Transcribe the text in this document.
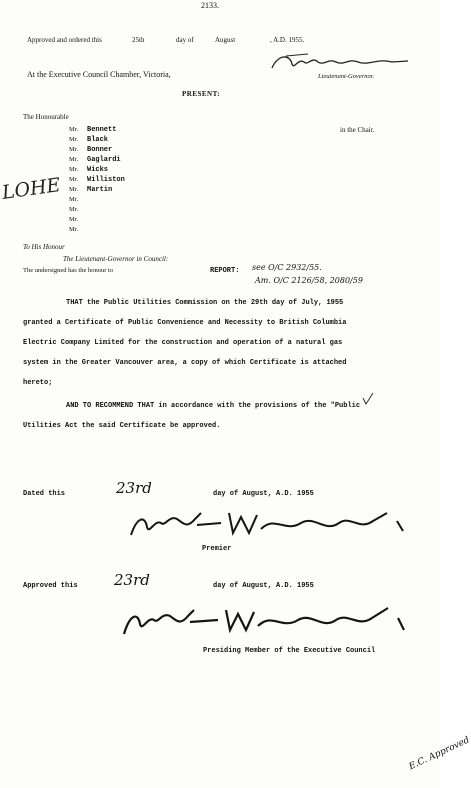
2133.
Approved and ordered this	25th	day of	August	, A.D. 1955.
At the Executive Council Chamber, Victoria,	Lieutenant-Governor.
PRESENT:
The Honourable
Mr. Bennett
Mr. Black
Mr. Bonner
Mr. Gaglardi
Mr. Wicks
Mr. Williston
Mr. Martin
Mr.
Mr.
Mr.
Mr.
in the Chair.
LOHE
To His Honour
The Lieutenant-Governor in Council:
The undersigned has the honour to	REPORT: see O/C 2932/55.
Am. O/C 2126/58, 2080/59
THAT the Public Utilities Commission on the 29th day of July, 1955
granted a Certificate of Public Convenience and Necessity to British Columbia
Electric Company Limited for the construction and operation of a natural gas
system in the Greater Vancouver area, a copy of which Certificate is attached
hereto;
AND TO RECOMMEND THAT in accordance with the provisions of the "Public
Utilities Act the said Certificate be approved.
Dated this	23rd	day of August, A.D. 1955
Premier
Approved this 23rd	day of August, A.D. 1955
Presiding Member of the Executive Council
E.C. Approved
